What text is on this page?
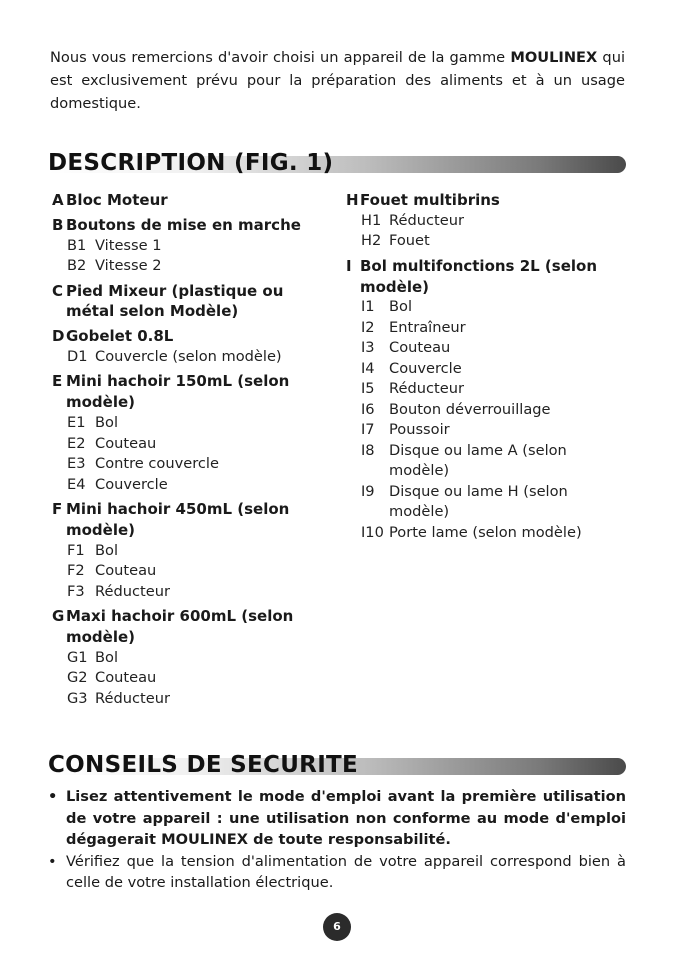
Nous vous remercions d'avoir choisi un appareil de la gamme MOULINEX qui est exclusivement prévu pour la préparation des aliments et à un usage domestique.
DESCRIPTION (FIG. 1)
A Bloc Moteur
B Boutons de mise en marche
B1 Vitesse 1
B2 Vitesse 2
C Pied Mixeur (plastique ou métal selon Modèle)
D Gobelet 0.8L
D1 Couvercle (selon modèle)
E Mini hachoir 150mL (selon modèle)
E1 Bol
E2 Couteau
E3 Contre couvercle
E4 Couvercle
F Mini hachoir 450mL (selon modèle)
F1 Bol
F2 Couteau
F3 Réducteur
G Maxi hachoir 600mL (selon modèle)
G1 Bol
G2 Couteau
G3 Réducteur
H Fouet multibrins
H1 Réducteur
H2 Fouet
I Bol multifonctions 2L (selon modèle)
I1 Bol
I2 Entraîneur
I3 Couteau
I4 Couvercle
I5 Réducteur
I6 Bouton déverrouillage
I7 Poussoir
I8 Disque ou lame A (selon modèle)
I9 Disque ou lame H (selon modèle)
I10 Porte lame (selon modèle)
CONSEILS DE SECURITE
• Lisez attentivement le mode d'emploi avant la première utilisation de votre appareil : une utilisation non conforme au mode d'emploi dégagerait MOULINEX de toute responsabilité.
• Vérifiez que la tension d'alimentation de votre appareil correspond bien à celle de votre installation électrique.
6
